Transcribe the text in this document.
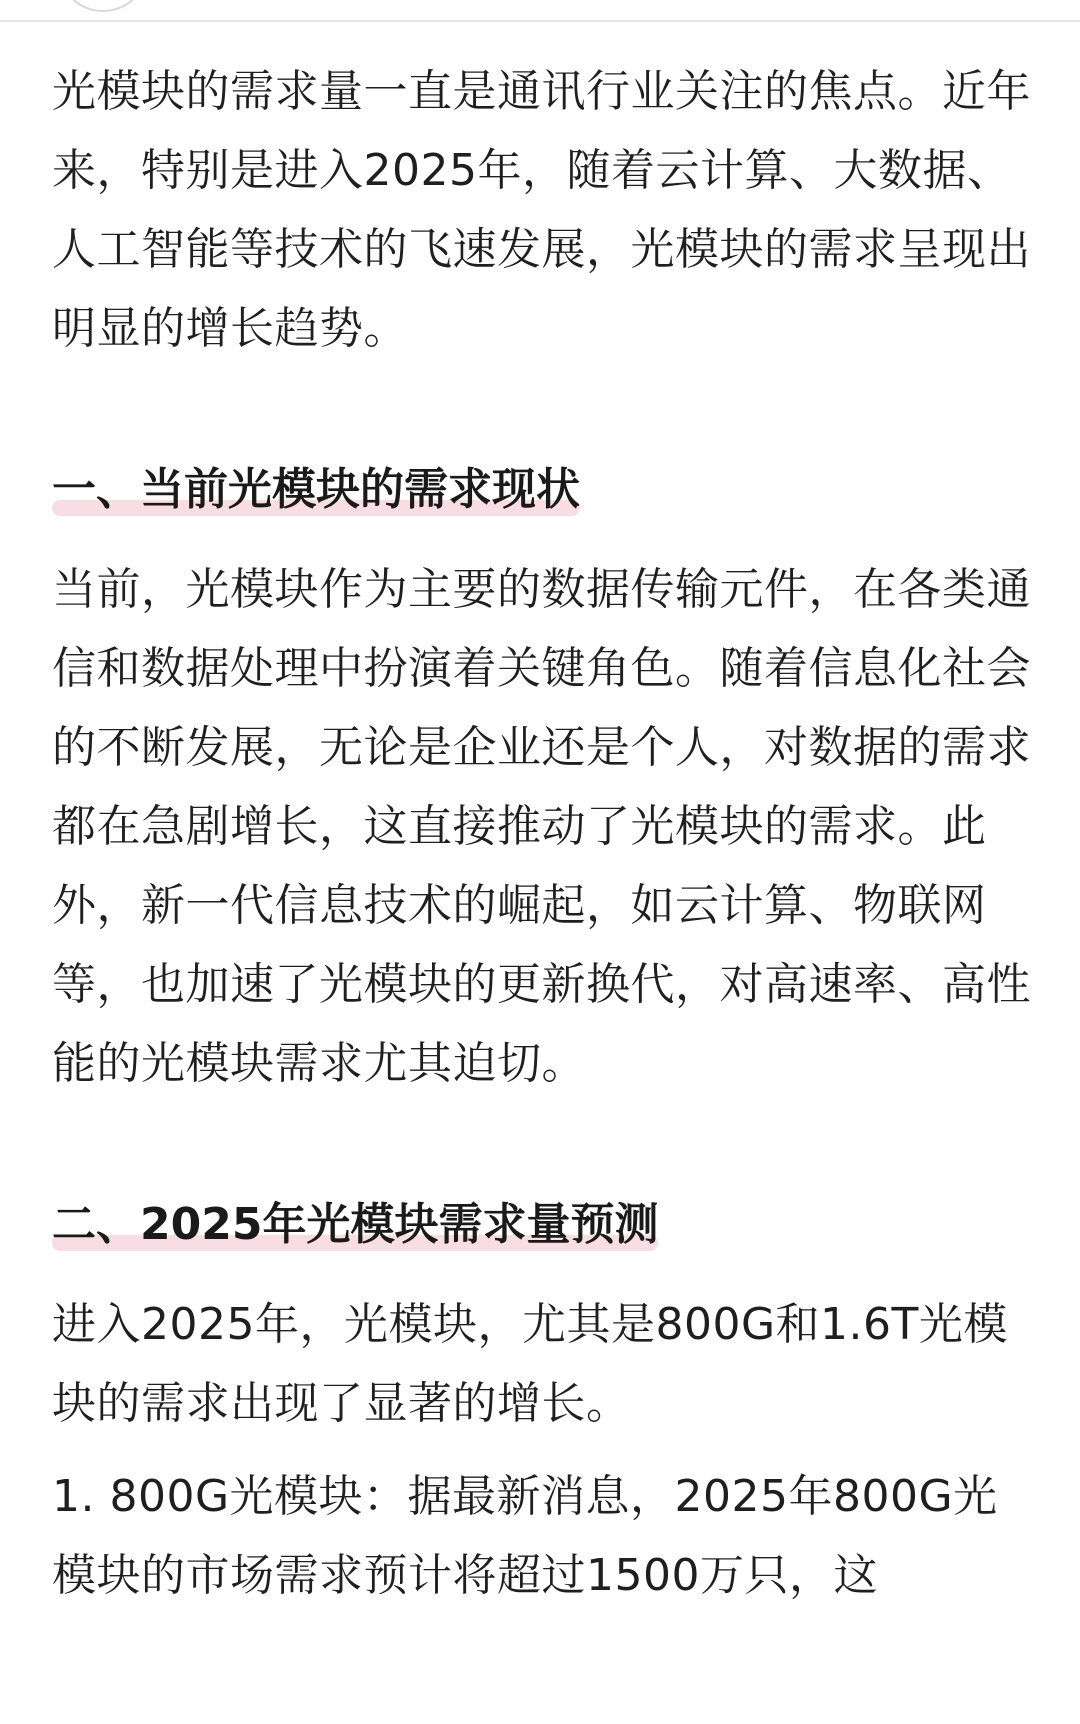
光模块的需求量一直是通讯行业关注的焦点。近年来，特别是进入2025年，随着云计算、大数据、人工智能等技术的飞速发展，光模块的需求呈现出明显的增长趋势。

一、当前光模块的需求现状

当前，光模块作为主要的数据传输元件，在各类通信和数据处理中扮演着关键角色。随着信息化社会的不断发展，无论是企业还是个人，对数据的需求都在急剧增长，这直接推动了光模块的需求。此外，新一代信息技术的崛起，如云计算、物联网等，也加速了光模块的更新换代，对高速率、高性能的光模块需求尤其迫切。

二、2025年光模块需求量预测

进入2025年，光模块，尤其是800G和1.6T光模块的需求出现了显著的增长。

1. 800G光模块：据最新消息，2025年800G光模块的市场需求预计将超过1500万只，这
